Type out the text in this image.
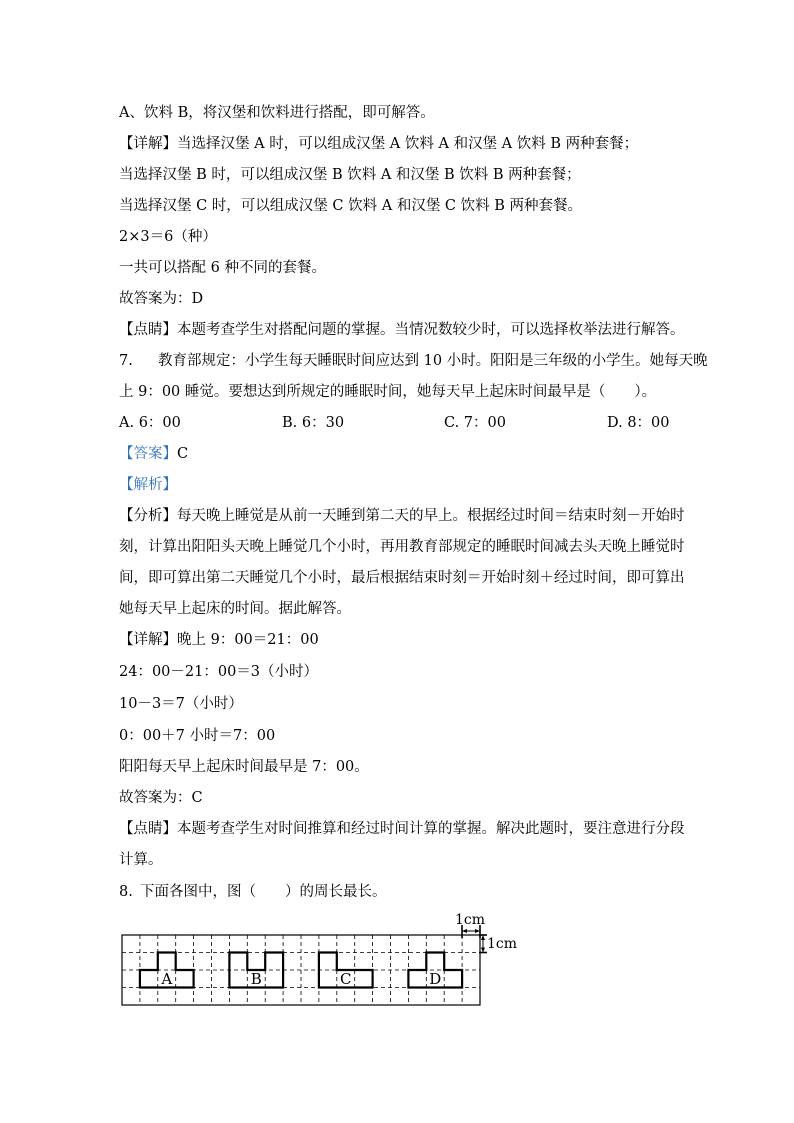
A、饮料 B，将汉堡和饮料进行搭配，即可解答。
【详解】当选择汉堡 A 时，可以组成汉堡 A 饮料 A 和汉堡 A 饮料 B 两种套餐；
当选择汉堡 B 时，可以组成汉堡 B 饮料 A 和汉堡 B 饮料 B 两种套餐；
当选择汉堡 C 时，可以组成汉堡 C 饮料 A 和汉堡 C 饮料 B 两种套餐。
2×3＝6（种）
一共可以搭配 6 种不同的套餐。
故答案为：D
【点睛】本题考查学生对搭配问题的掌握。当情况数较少时，可以选择枚举法进行解答。
7. 教育部规定：小学生每天睡眠时间应达到 10 小时。阳阳是三年级的小学生。她每天晚
上 9：00 睡觉。要想达到所规定的睡眠时间，她每天早上起床时间最早是（　　）。
A. 6：00	B. 6：30	C. 7：00	D. 8：00
【答案】C
【解析】
【分析】每天晚上睡觉是从前一天睡到第二天的早上。根据经过时间＝结束时刻－开始时
刻，计算出阳阳头天晚上睡觉几个小时，再用教育部规定的睡眠时间减去头天晚上睡觉时
间，即可算出第二天睡觉几个小时，最后根据结束时刻＝开始时刻＋经过时间，即可算出
她每天早上起床的时间。据此解答。
【详解】晚上 9：00＝21：00
24：00－21：00＝3（小时）
10－3＝7（小时）
0：00＋7 小时＝7：00
阳阳每天早上起床时间最早是 7：00。
故答案为：C
【点睛】本题考查学生对时间推算和经过时间计算的掌握。解决此题时，要注意进行分段
计算。
8. 下面各图中，图（　　）的周长最长。
A	B	C	D
1cm
1cm
